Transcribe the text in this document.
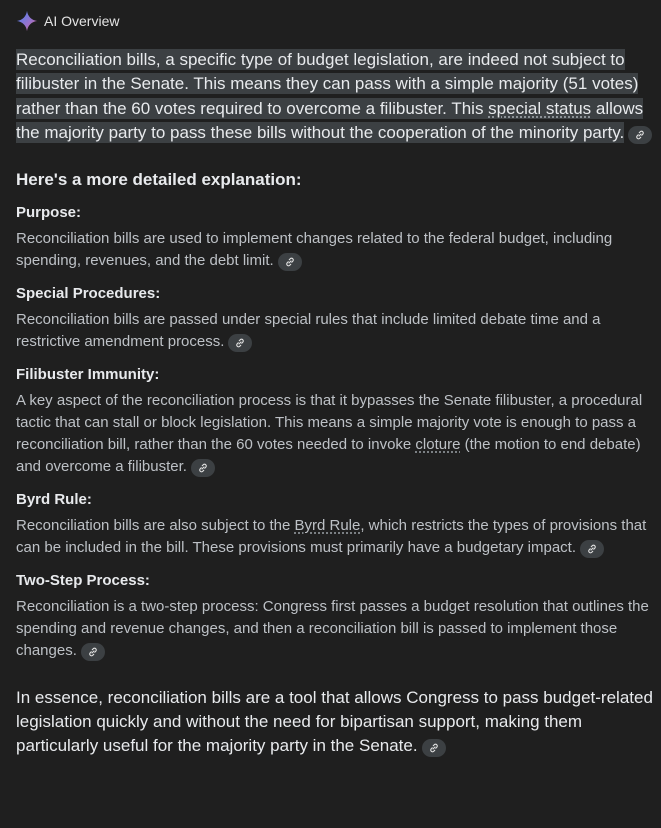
AI Overview
Reconciliation bills, a specific type of budget legislation, are indeed not subject to filibuster in the Senate. This means they can pass with a simple majority (51 votes) rather than the 60 votes required to overcome a filibuster. This special status allows the majority party to pass these bills without the cooperation of the minority party.
Here's a more detailed explanation:
Purpose:
Reconciliation bills are used to implement changes related to the federal budget, including spending, revenues, and the debt limit.
Special Procedures:
Reconciliation bills are passed under special rules that include limited debate time and a restrictive amendment process.
Filibuster Immunity:
A key aspect of the reconciliation process is that it bypasses the Senate filibuster, a procedural tactic that can stall or block legislation. This means a simple majority vote is enough to pass a reconciliation bill, rather than the 60 votes needed to invoke cloture (the motion to end debate) and overcome a filibuster.
Byrd Rule:
Reconciliation bills are also subject to the Byrd Rule, which restricts the types of provisions that can be included in the bill. These provisions must primarily have a budgetary impact.
Two-Step Process:
Reconciliation is a two-step process: Congress first passes a budget resolution that outlines the spending and revenue changes, and then a reconciliation bill is passed to implement those changes.
In essence, reconciliation bills are a tool that allows Congress to pass budget-related legislation quickly and without the need for bipartisan support, making them particularly useful for the majority party in the Senate.
